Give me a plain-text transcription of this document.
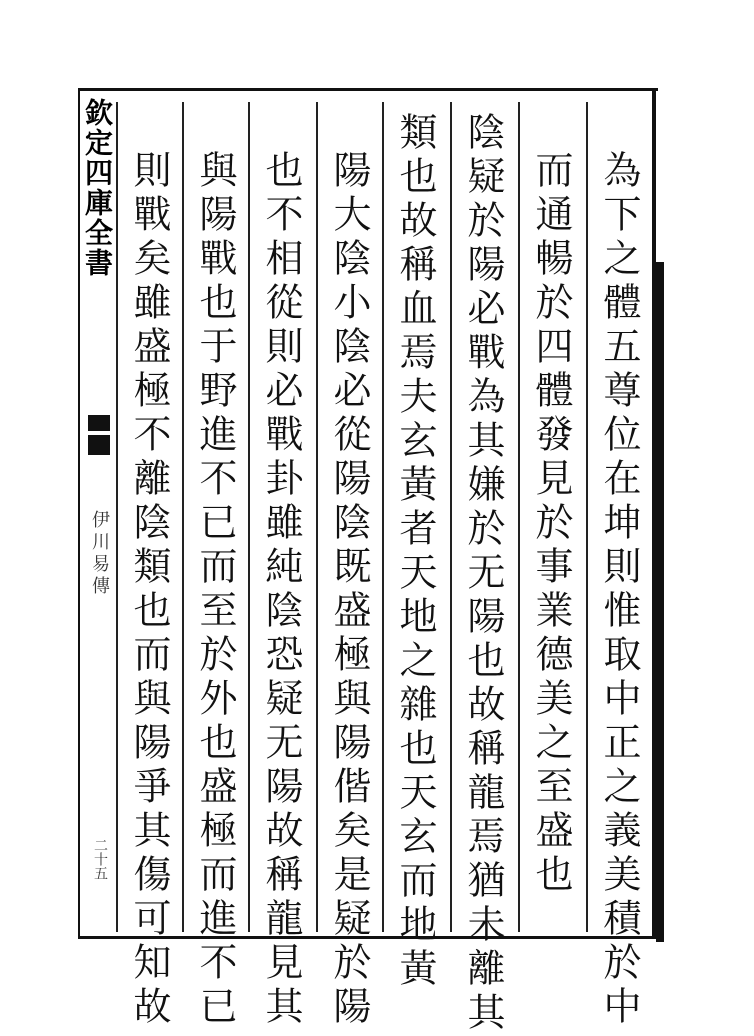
欽定四庫全書
伊川易傳
二十五	為下之體五尊位在坤則惟取中正之義美積於中
而通暢於四體發見於事業德美之至盛也
陰疑於陽必戰為其嫌於无陽也故稱龍焉猶未離其
類也故稱血焉夫玄黃者天地之雜也天玄而地黃
陽大陰小陰必從陽陰既盛極與陽偕矣是疑於陽
也不相從則必戰卦雖純陰恐疑无陽故稱龍見其
與陽戰也于野進不已而至於外也盛極而進不已
則戰矣雖盛極不離陰類也而與陽爭其傷可知故
